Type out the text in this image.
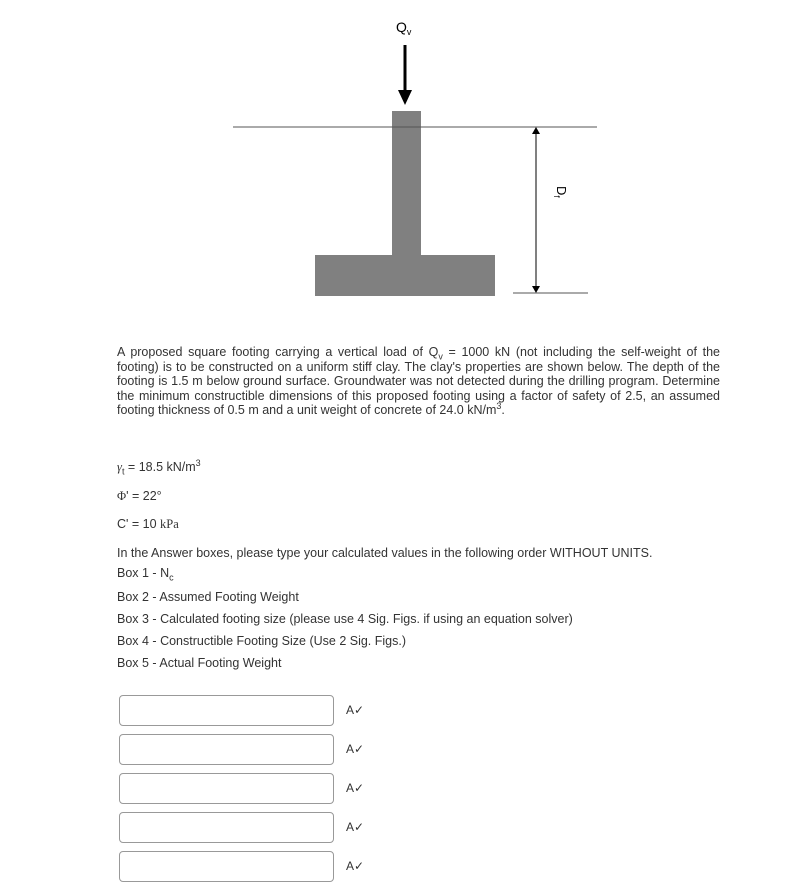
$Q_v$
$D_f$
A proposed square footing carrying a vertical load of $Q_v = 1000$ kN (not including the self-weight of the footing) is to be constructed on a uniform stiff clay. The clay's properties are shown below. The depth of the footing is 1.5 m below ground surface. Groundwater was not detected during the drilling program. Determine the minimum constructible dimensions of this proposed footing using a factor of safety of 2.5, an assumed footing thickness of 0.5 m and a unit weight of concrete of 24.0 $kN/m^3$.
$\gamma_t = 18.5$ $kN/m^3$
Φ' = 22°
C' = 10 kPa
In the Answer boxes, please type your calculated values in the following order WITHOUT UNITS.
Box $1 - N_c$
Box 2 - Assumed Footing Weight
Box 3 - Calculated footing size (please use 4 Sig. Figs. if using an equation solver)
Box 4 - Constructible Footing Size (Use 2 Sig. Figs.)
Box 5 - Actual Footing Weight
A✓
A✓
A✓
A✓
A✓
